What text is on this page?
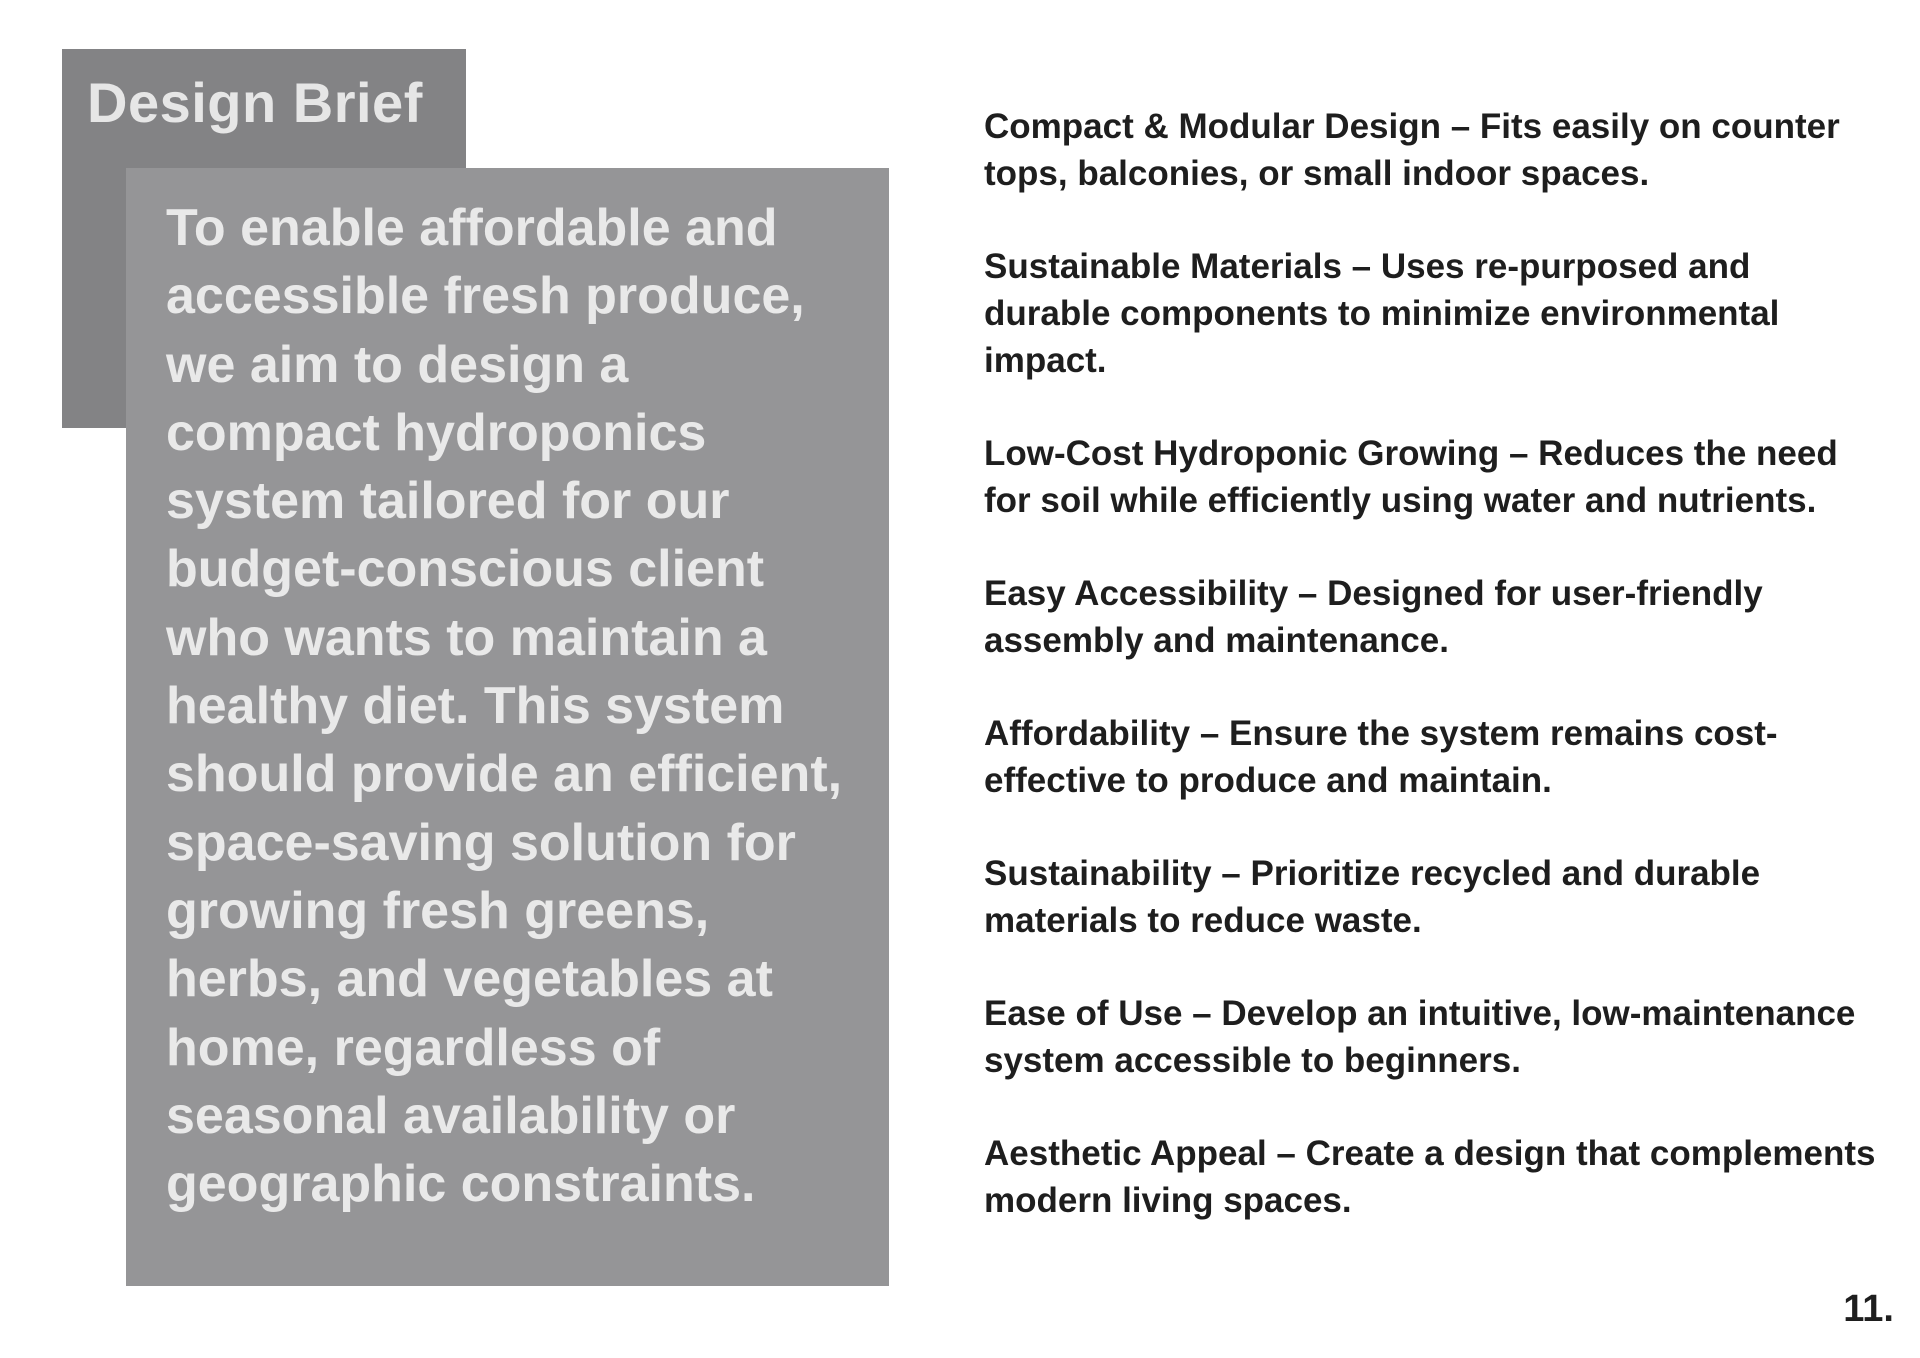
Design Brief

To enable affordable and accessible fresh produce, we aim to design a compact hydroponics system tailored for our budget-conscious client who wants to maintain a healthy diet. This system should provide an efficient, space-saving solution for growing fresh greens, herbs, and vegetables at home, regardless of seasonal availability or geographic constraints.

Compact & Modular Design – Fits easily on counter tops, balconies, or small indoor spaces.

Sustainable Materials – Uses re-purposed and durable components to minimize environmental impact.

Low-Cost Hydroponic Growing – Reduces the need for soil while efficiently using water and nutrients.

Easy Accessibility – Designed for user-friendly assembly and maintenance.

Affordability – Ensure the system remains cost-effective to produce and maintain.

Sustainability – Prioritize recycled and durable materials to reduce waste.

Ease of Use – Develop an intuitive, low-maintenance system accessible to beginners.

Aesthetic Appeal – Create a design that complements modern living spaces.

11.
